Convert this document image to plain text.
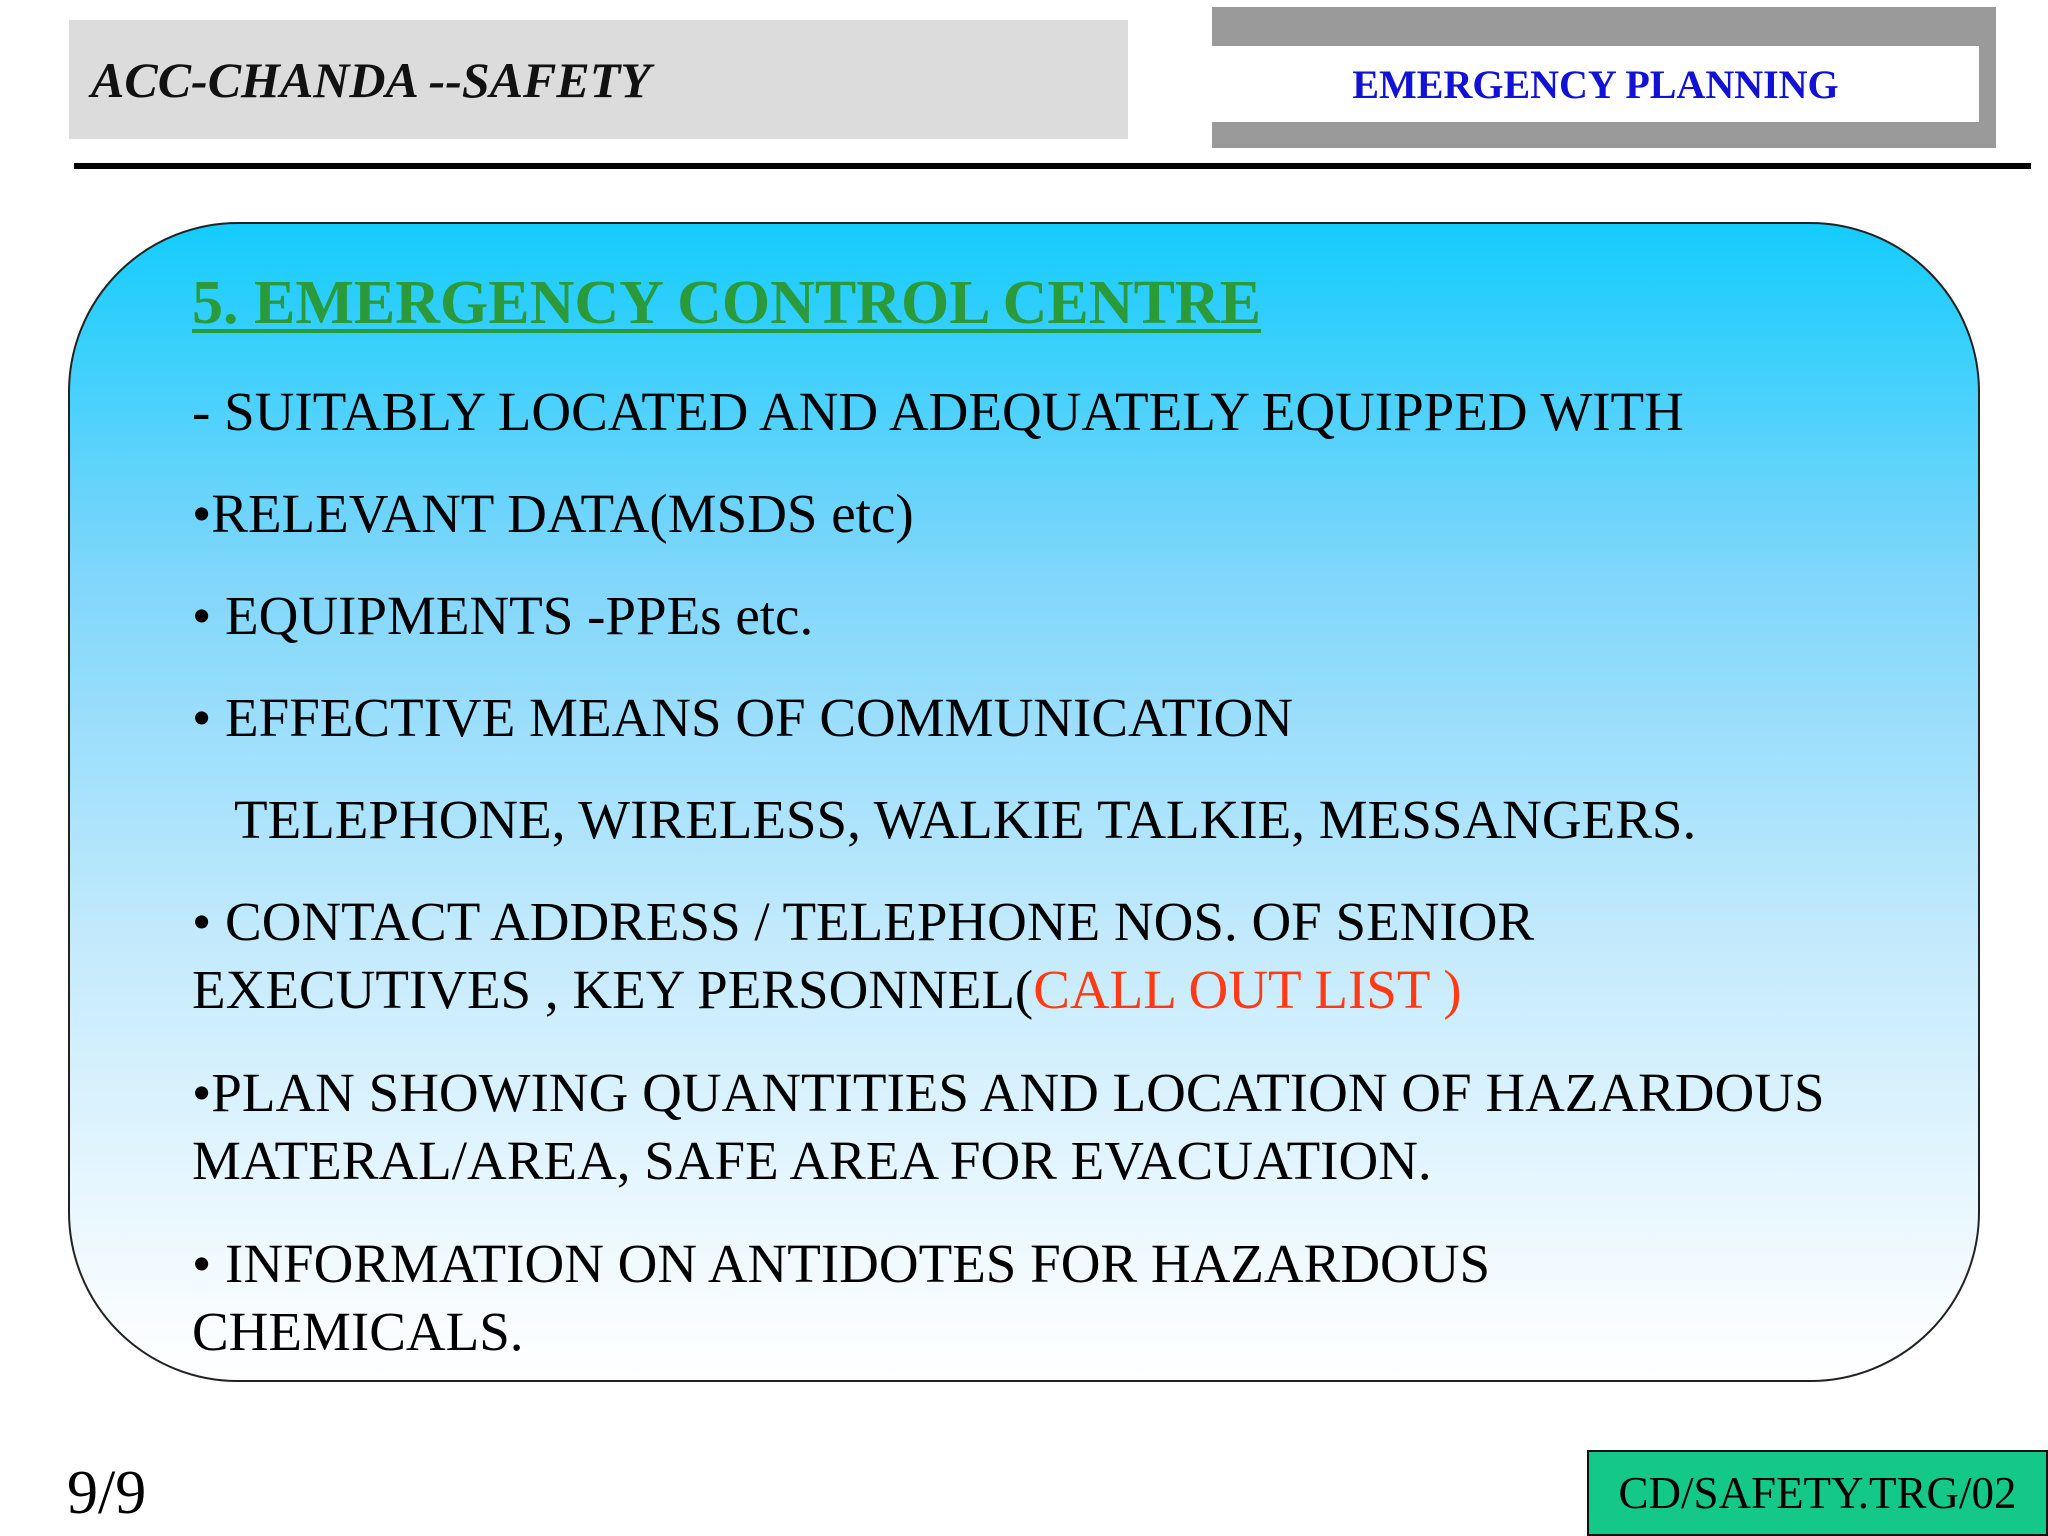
ACC-CHANDA --SAFETY	EMERGENCY PLANNING
5. EMERGENCY CONTROL CENTRE
- SUITABLY LOCATED AND ADEQUATELY EQUIPPED WITH
•RELEVANT DATA(MSDS etc)
• EQUIPMENTS -PPEs etc.
• EFFECTIVE MEANS OF COMMUNICATION
TELEPHONE, WIRELESS, WALKIE TALKIE, MESSANGERS.
• CONTACT ADDRESS / TELEPHONE NOS. OF SENIOR
EXECUTIVES , KEY PERSONNEL(CALL OUT LIST )
•PLAN SHOWING QUANTITIES AND LOCATION OF HAZARDOUS
MATERAL/AREA, SAFE AREA FOR EVACUATION.
• INFORMATION ON ANTIDOTES FOR HAZARDOUS
CHEMICALS.
9/9	CD/SAFETY.TRG/02
